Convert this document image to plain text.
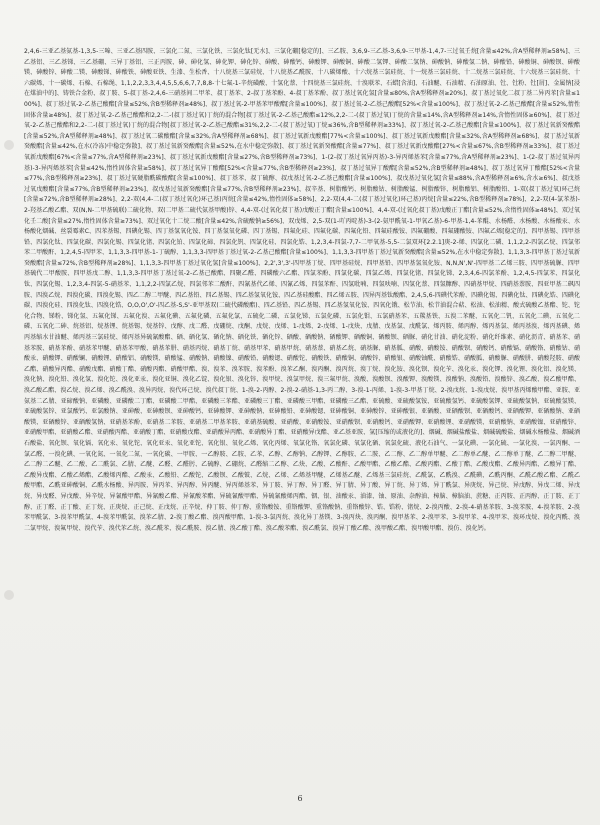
2,4,6-三亚乙基氨基-1,3,5-三嗪、三亚乙基四胺、三氯化二氮、三氯化铁、三氯化钛[无水]、三氯化硼[稳定的]、三乙胺、3,6,9-三乙基-3,6,9-三甲基-1,4,7-三过氧壬烷[含量≤42%,含A型稀释剂≥58%]、三乙基铝、三乙基锑、三乙基硼、三异丁基铝、三正丙胺、砷、砷化氢、砷化钾、砷化锌、砷酸、砷酸钙、砷酸钾、砷酸铜、砷酸二氢钾、砷酸二氢钠、砷酸钠、砷酸氢二钠、砷酸铅、砷酸铜、砷酸钡、砷酸镁、砷酸锌、砷酸二镁、砷酸锑、砷酸铁、砷酸亚铁、生漆、生松香、十八烷基三氯硅烷、十八烷基乙酰胺、十八碳烯酸、十六烷基三氯硅烷、十一烷基三氯硅烷、十二烷基三氯硅烷、十六烷基三氯硅烷、十六碳烯、十一碳烯、石棉、石棉绳、1,1,2,2,3,3,4,4,5,5,6,6,7,7,8,8-十七氟-1-辛烷磺酸、十氢化萘、十四烷基三氯硅烷、十溴联苯、石蜡[含油]、石油醚、石油精、石油原油、钍、钍粉、钍[屑]、金属钠[浸在煤油中的]、铸铁合金粉、叔丁胺、5-叔丁基-2,4,6-三硝基间二甲苯、叔丁基苯、2-叔丁基苯酚、4-叔丁基苯酚、叔丁基过氧化氢[含量≤80%,含A型稀释剂≥20%]、叔丁基过氧化二叔丁基二异丙苯[含量≤100%]、叔丁基过氧-2-乙基己酸酯[含量≤52%,含B型稀释剂≥48%]、叔丁基过氧-2-甲基苯甲酸酯[含量≤100%]、叔丁基过氧-2-乙基己酸酯[52%<含量≤100%]、叔丁基过氧-2-乙基己酸酯[含量≤52%,惰性固体含量≥48%]、叔丁基过氧-2-乙基己酸酯和2,2-二-(叔丁基过氧)丁烷的混合物[叔丁基过氧-2-乙基己酸酯≤12%,2,2-二-(叔丁基过氧)丁烷的含量≤14%,含A型稀释剂≥14%,含惰性固体≥60%]、叔丁基过氧-2-乙基己酸酯和2,2-二-(叔丁基过氧)丁烷的混合物[叔丁基过氧-2-乙基己酸酯≤31%,2,2-二-(叔丁基过氧)丁烷≤36%,含B型稀释剂≥33%]、叔丁基过氧-2-乙基己酸酯[含量≤100%]、叔丁基过氧新癸酸酯[含量≤52%,含A型稀释剂≥48%]、叔丁基过氧二碳酸酯[含量≤32%,含A型稀释剂≥68%]、叔丁基过氧新戊酸酯[77%<含量≤100%]、叔丁基过氧新戊酸酯[含量≤32%,含A型稀释剂≥68%]、叔丁基过氧新癸酸酯[含量≤42%,在水(冷冻)中稳定弥散]、叔丁基过氧新癸酸酯[含量≤52%,在水中稳定弥散]、叔丁基过氧新癸酸酯[含量≤77%]、叔丁基过氧新戊酸酯[27%<含量≤67%,含B型稀释剂≥33%]、叔丁基过氧新戊酸酯[67%<含量≤77%,含A型稀释剂≥23%]、叔丁基过氧新戊酸酯[含量≤27%,含B型稀释剂≥73%]、1-(2-叔丁基过氧异丙基)-3-异丙烯基苯[含量≤77%,含A型稀释剂≥23%]、1-(2-叔丁基过氧异丙基)-3-异丙烯基苯[含量≤42%,惰性固体含量≥58%]、叔丁基过氧异丁酸酯[52%<含量≤77%,含B型稀释剂≥23%]、叔丁基过氧异丁酸酯[含量≤52%,含B型稀释剂≥48%]、叔丁基过氧异丁酸酯[52%<含量≤77%,含B型稀释剂≥23%]、叔丁基过氧硬脂酰碳酸酯[含量≤100%]、叔丁基苯、叔丁硫醇、叔戊基过氧-2-乙基己酸酯[含量≤100%]、叔戊基过氧化氢[含量≤88%,含A型稀释剂≥6%,含水≥6%]、叔戊基过氧戊酸酯[含量≤77%,含B型稀释剂≥23%]、叔戊基过氧新癸酸酯[含量≤77%,含B型稀释剂≥23%]、叔辛基、树脂酸钙、树脂酸钴、树脂酸锰、树脂酸锌、树脂酸铝、树脂酸铅、1-双(叔丁基过氧)环己烷[含量≤72%,含B型稀释剂≥28%]、2,2-双(4,4-二(叔丁基过氧化)环己基)丙烷[含量≤42%,惰性固体≥58%]、2,2-双(4,4-二(叔丁基过氧化)环己基)丙烷[含量≤22%,含B型稀释剂≥78%]、2,2-双(4-氯苯基)-2-羟基乙酸乙酯、双(N,N-二甲基硫联)二硫化物、双(二甲基二硫代氨基甲酸)锌、4,4-双-(过氧化叔丁基)戊酸正丁酯[含量≤100%]、4,4-双-(过氧化叔丁基)戊酸正丁酯[含量≤52%,含惰性固体≥48%]、双过氧化壬二酸[含量≤27%,惰性固体含量≥73%]、双过氧化十二烷二酸[含量≤42%,含硫酸钠≥56%]、双戊烯、2,5-双(1-吖丙啶基)-3-(2-氨甲酰氧-1-甲氧乙基)-6-甲基-1,4-苯醌、水杨醛、水杨酸、水杨酸汞、水杨酸化烟碱、丝裂霉素C、四苯基锡、四碘化锡、四丁基氢氧化铵、四丁基氢氧化磷、四丁基锡、四氟化硅、四氟化碳、四氟化铅、四氟硅酸铵、四氟硼酸、四氟硼酸铵、四氟乙烯[稳定的]、四甲基锡、四甲基铅、四氯化钛、四氯化碳、四氯化锡、四氯化锗、四氯化铂、四氯化碲、四氯化钒、四氯化硅、四氯化锆、1,2,3,4-四氯-7,7-二甲氧基-5,5-二氯双环[2.2.1]庚-2-烯、四氯化二磷、1,1,2,2-四氯乙烷、四氯邻苯二甲酸酐、1,2,4,5-四甲苯、1,1,3,3-四甲基-1-丁硫醇、1,1,3,3-四甲基丁基过氧-2-乙基己酸酯[含量≤100%]、1,1,3,3-四甲基丁基过氧新癸酸酯[含量≤52%,在水中稳定弥散]、1,1,3,3-四甲基丁基过氧新癸酸酯[含量≤72%,含B型稀释剂≥28%]、1,1,3,3-四甲基丁基过氧化氢[含量≤100%]、2,2',3',3'-四甲基丁烷、四甲基硅烷、四甲基铅、四甲基氢氧化铵、N,N,N',N'-四甲基二乙烯三胺、四甲基硫脲、四甲基硫代二甲酸胺、四甲基戊二醇、1,1,3,3-四甲基丁基过氧-2-乙基己酸酯、四聚乙醛、四磷酸六乙酯、四氯苯酚、四氯化碳、四氯乙烯、四氯化锗、四氯化锑、2,3,4,6-四氯苯酚、1,2,4,5-四氯苯、四氯化钛、四氯化锡、1,2,3,4-四氯-5-硝基苯、1,1,2,2-四氯乙烷、四氯邻苯二酸酐、四氰基代乙烯、四氰乙烯、四氢苯酐、四氢吡喃、四氢呋喃、四氢化萘、四氢糠醇、四硝基甲烷、四硝基萘胺、四亚甲基二砜四胺、四溴乙烷、四溴化碳、四溴化锡、四乙二醇二甲醚、四乙基铅、四乙基锡、四乙基氢氧化铵、四乙基硅酸酯、四乙烯五胺、四异丙基钛酸酯、2,4,5,6-四碘代苯酚、四碘化锡、四碘化钛、四碘化锆、四碘化碳、四溴化硅、四溴化钛、四溴化锆、O,O,O',O'-四乙基-S,S'-亚甲基双(二硫代磷酸酯)、四乙基铅、四乙基锡、四乙基氢氧化铵、四氧化锇、松节油、松节油混合萜、松油、松油精、酸式硫酸乙基酯、铊、铊化合物、锑粉、锑化氢、五氟化锑、五氟化溴、五氟化碘、五氟化磷、五氟化氯、五硫化二磷、五氯化锑、五氯化磷、五氯化钼、五氯硝基苯、五羰基铁、五溴二苯醚、五氧化二钒、五氧化二碘、五氧化二磷、五氧化二砷、烷基铝、烷基锂、烷基锡、烷基锌、戊醇、戊二醛、戊硼烷、戊酮、戊烷、戊烯、1-戊烯、2-戊烯、1-戊炔、戊腈、戊基氯、戊酰氯、烯丙胺、烯丙醇、烯丙基氯、烯丙基溴、烯丙基碘、烯丙基缩水甘油醚、烯丙基三氯硅烷、烯丙基异硫氰酸酯、硒、硒化氢、硒化钠、硒化铁、硒化锌、硒酸、硒酸钠、硒酸钾、硒酸铜、硒酸钡、硒脲、硝化甘油、硝化淀粉、硝化纤维素、硝化沥青、硝基苯、硝基苯胺、硝基苯酚、硝基苯甲醚、硝基苯甲酸、硝基苯肼、硝基丙烷、硝基丁烷、硝基甲苯、硝基甲烷、硝基萘、硝基乙烷、硝基脲、硝基胍、硝酸、硝酸铵、硝酸钡、硝酸钙、硝酸镉、硝酸铬、硝酸钴、硝酸汞、硝酸钾、硝酸镧、硝酸锂、硝酸铝、硝酸镁、硝酸锰、硝酸钠、硝酸镍、硝酸铅、硝酸锶、硝酸铊、硝酸铁、硝酸铜、硝酸锌、硝酸银、硝酸铀酰、硝酸锆、硝酸胍、硝酸脲、硝酸肼、硝酸羟胺、硝酸乙酯、硝酸异丙酯、硝酸戊酯、硝酸丁酯、硝酸丙酯、硝酸甲酯、溴、溴苯、溴苯胺、溴苯酚、溴苯乙酮、溴丙酮、溴丙烷、溴丁烷、溴化铵、溴化钡、溴化苄、溴化汞、溴化钾、溴化锂、溴化铝、溴化镁、溴化钠、溴化铅、溴化氢、溴化铊、溴化亚汞、溴化亚铜、溴化乙锭、溴化银、溴化锌、溴甲烷、溴氯甲烷、溴三氟甲烷、溴酸、溴酸钡、溴酸钾、溴酸镁、溴酸钠、溴酸铅、溴酸锌、溴乙酸、溴乙酸甲酯、溴乙酸乙酯、溴乙烷、溴乙烯、溴乙酰溴、溴异丙烷、溴代环己烷、溴代叔丁烷、1-溴-2-丙醇、2-溴-2-硝基-1,3-丙二醇、3-溴-1-丙烯、1-溴-3-甲基丁烷、2-溴戊烷、1-溴戊烷、溴甲基丙烯酸甲酯、亚胺、亚氨基二乙腈、亚碲酸钠、亚磷酸、亚磷酸二丁酯、亚磷酸二甲酯、亚磷酸三苯酯、亚磷酸三丁酯、亚磷酸三甲酯、亚磷酸三乙酯、亚硫酸、亚硫酸氢铵、亚硫酸氢钙、亚硫酸氢钾、亚硫酸氢钠、亚硫酸氢镁、亚硫酸氢锌、亚氯酸钙、亚氯酸钠、亚砷酸、亚砷酸钡、亚砷酸钙、亚砷酸钾、亚砷酸钠、亚砷酸铅、亚砷酸锶、亚砷酸铜、亚砷酸锌、亚砷酸银、亚硒酸、亚硒酸钡、亚硒酸钙、亚硒酸钾、亚硒酸钠、亚硒酸镁、亚硒酸锌、亚硒酸氢钠、亚硝基苯酚、亚硝基二苯胺、亚硝基二甲基苯胺、亚硝基硫酸、亚硝酸、亚硝酸铵、亚硝酸钡、亚硝酸钙、亚硝酸钾、亚硝酸锂、亚硝酸镁、亚硝酸钠、亚硝酸镍、亚硝酸锌、亚硝酸甲酯、亚硝酸乙酯、亚硝酸丙酯、亚硝酸丁酯、亚硝酸戊酯、亚硝酸异丙酯、亚硝酸异丁酯、亚硝酸异戊酯、亚乙基亚胺、氩[压缩的或液化的]、烟碱、烟碱盐酸盐、烟碱硫酸盐、烟碱水杨酸盐、烟碱酒石酸盐、氧化钡、氧化镉、氧化汞、氧化铊、氧化亚汞、氧化亚铊、氧化银、氧化乙烯、氧化丙烯、氧氯化铬、氧氯化磷、氧氯化硒、氧氯化硫、液化石油气、一氯化碘、一氯化硫、一氯化溴、一氯丙酮、一氯乙醛、一溴化碘、一氧化氮、一氧化二氮、一氧化碳、一甲胺、一乙醇胺、乙胺、乙苯、乙醇、乙醇钠、乙醇钾、乙醇胺、乙二胺、乙二醇、乙二醇单甲醚、乙二醇单乙醚、乙二醇单丁醚、乙二醇二甲醚、乙二醇二乙醚、乙二酸、乙二酰氯、乙腈、乙醚、乙醛、乙醛肟、乙硫醇、乙硼烷、乙醛缩二乙醇、乙炔、乙酸、乙酸酐、乙酸甲酯、乙酸乙酯、乙酸丙酯、乙酸丁酯、乙酸戊酯、乙酸异丙酯、乙酸异丁酯、乙酸异戊酯、乙酸乙烯酯、乙酸烯丙酯、乙酸汞、乙酸铅、乙酸铊、乙酸钡、乙酸铍、乙烷、乙烯、乙烯基甲醚、乙烯基乙醚、乙烯基三氯硅烷、乙酰氯、乙酰溴、乙酰碘、乙酰丙酮、乙酰乙酸乙酯、乙酰乙酸甲酯、乙酰亚砷酸铜、乙酰水杨酸、异丙胺、异丙苯、异丙醇、异丙醚、异丙烯基苯、异丁胺、异丁醇、异丁醛、异丁腈、异丁酸、异丁烷、异丁烯、异丁酰氯、异庚烷、异己烷、异戊醇、异戊二烯、异戊烷、异戊醛、异戊酸、异辛烷、异氰酸甲酯、异氰酸乙酯、异氰酸苯酯、异硫氰酸甲酯、异硫氰酸烯丙酯、铟、银、油酸汞、油漆、铀、原油、杂醇油、樟脑、樟脑油、蔗糖、正丙胺、正丙醇、正丁胺、正丁醇、正丁醛、正丁酸、正丁烷、正庚烷、正己烷、正戊烷、正辛烷、仲丁胺、仲丁醇、重铬酸铵、重铬酸钾、重铬酸钠、重铬酸锌、锆、锆粉、锗烷、2-溴丙酸、2-溴-4-硝基苯胺、3-溴苯胺、4-溴苯胺、2-溴苯甲酰氯、3-溴苯甲酰氯、4-溴苯甲酰氯、溴苯乙腈、2-溴丁酸乙酯、溴丙酸甲酯、1-溴-3-氯丙烷、溴化异丁基镁、3-溴丙炔、溴丙酮、溴甲基苯、2-溴甲苯、3-溴甲苯、4-溴甲苯、溴环戊烷、溴化丙酰、溴二氯甲烷、溴氟甲烷、溴代苄、溴代苯乙烷、溴乙酰苯、溴乙酰胺、溴乙腈、溴乙酸丁酯、溴乙酸苯酯、溴乙酰氯、溴异丁酸乙酯、溴甲酸乙酯、溴甲酸甲酯、溴仿、溴化钙。
6
